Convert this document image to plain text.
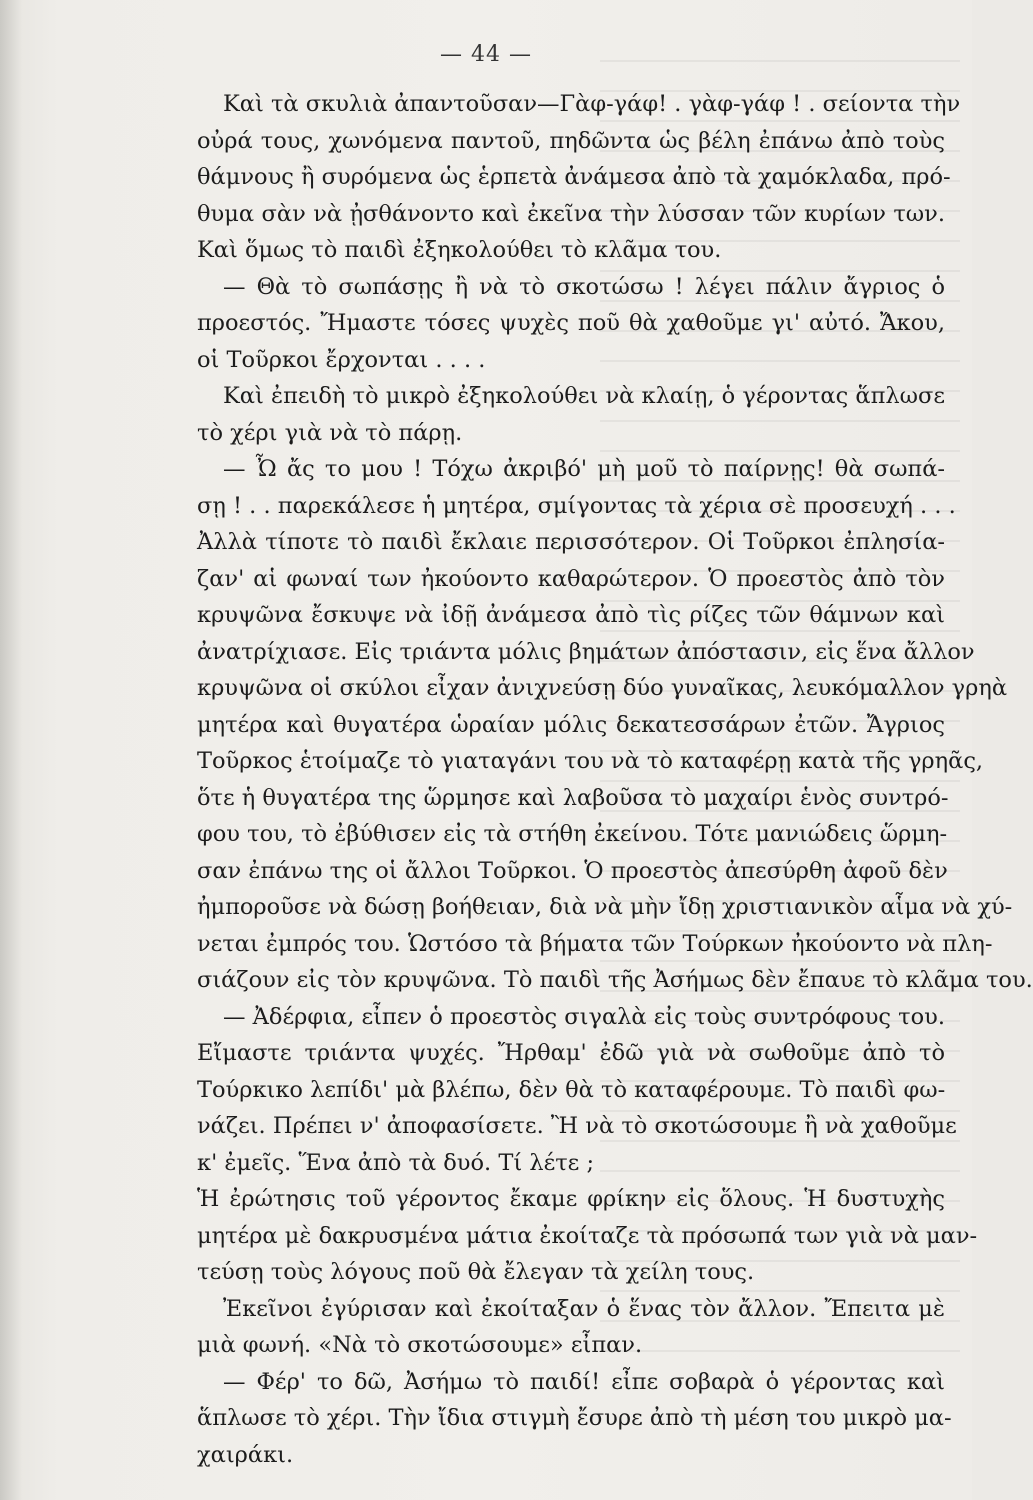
— 44 —
Καὶ τὰ σκυλιὰ ἀπαντοῦσαν—Γὰφ-γάφ! . γὰφ-γάφ ! . σείοντα τὴν
οὐρά τους, χωνόμενα παντοῦ, πηδῶντα ὡς βέλη ἐπάνω ἀπὸ τοὺς
θάμνους ἢ συρόμενα ὡς ἑρπετὰ ἀνάμεσα ἀπὸ τὰ χαμόκλαδα, πρό-
θυμα σὰν νὰ ᾐσθάνοντο καὶ ἐκεῖνα τὴν λύσσαν τῶν κυρίων των.
Καὶ ὅμως τὸ παιδὶ ἐξηκολούθει τὸ κλᾶμα του.
— Θὰ τὸ σωπάσῃς ἢ νὰ τὸ σκοτώσω ! λέγει πάλιν ἄγριος ὁ
προεστός. Ἤμαστε τόσες ψυχὲς ποῦ θὰ χαθοῦμε γι' αὐτό. Ἄκου,
οἱ Τοῦρκοι ἔρχονται . . . .
Καὶ ἐπειδὴ τὸ μικρὸ ἐξηκολούθει νὰ κλαίῃ, ὁ γέροντας ἅπλωσε
τὸ χέρι γιὰ νὰ τὸ πάρῃ.
— Ὦ ἄς το μου ! Τόχω ἀκριβό' μὴ μοῦ τὸ παίρνῃς! θὰ σωπά-
σῃ ! . . παρεκάλεσε ἡ μητέρα, σμίγοντας τὰ χέρια σὲ προσευχή . . .
Ἀλλὰ τίποτε τὸ παιδὶ ἔκλαιε περισσότερον. Οἱ Τοῦρκοι ἐπλησία-
ζαν' αἱ φωναί των ἠκούοντο καθαρώτερον. Ὁ προεστὸς ἀπὸ τὸν
κρυψῶνα ἔσκυψε νὰ ἰδῇ ἀνάμεσα ἀπὸ τὶς ρίζες τῶν θάμνων καὶ
ἀνατρίχιασε. Εἰς τριάντα μόλις βημάτων ἀπόστασιν, εἰς ἕνα ἄλλον
κρυψῶνα οἱ σκύλοι εἶχαν ἀνιχνεύσῃ δύο γυναῖκας, λευκόμαλλον γρηὰ
μητέρα καὶ θυγατέρα ὡραίαν μόλις δεκατεσσάρων ἐτῶν. Ἄγριος
Τοῦρκος ἑτοίμαζε τὸ γιαταγάνι του νὰ τὸ καταφέρῃ κατὰ τῆς γρηᾶς,
ὅτε ἡ θυγατέρα της ὥρμησε καὶ λαβοῦσα τὸ μαχαίρι ἑνὸς συντρό-
φου του, τὸ ἐβύθισεν εἰς τὰ στήθη ἐκείνου. Τότε μανιώδεις ὥρμη-
σαν ἐπάνω της οἱ ἄλλοι Τοῦρκοι. Ὁ προεστὸς ἀπεσύρθη ἀφοῦ δὲν
ἠμποροῦσε νὰ δώσῃ βοήθειαν, διὰ νὰ μὴν ἴδῃ χριστιανικὸν αἷμα νὰ χύ-
νεται ἐμπρός του. Ὡστόσο τὰ βήματα τῶν Τούρκων ἠκούοντο νὰ πλη-
σιάζουν εἰς τὸν κρυψῶνα. Τὸ παιδὶ τῆς Ἀσήμως δὲν ἔπαυε τὸ κλᾶμα του.
— Ἀδέρφια, εἶπεν ὁ προεστὸς σιγαλὰ εἰς τοὺς συντρόφους του.
Εἴμαστε τριάντα ψυχές. Ἤρθαμ' ἐδῶ γιὰ νὰ σωθοῦμε ἀπὸ τὸ
Τούρκικο λεπίδι' μὰ βλέπω, δὲν θὰ τὸ καταφέρουμε. Τὸ παιδὶ φω-
νάζει. Πρέπει ν' ἀποφασίσετε. Ἢ νὰ τὸ σκοτώσουμε ἢ νὰ χαθοῦμε
κ' ἐμεῖς. Ἕνα ἀπὸ τὰ δυό. Τί λέτε ;
Ἡ ἐρώτησις τοῦ γέροντος ἔκαμε φρίκην εἰς ὅλους. Ἡ δυστυχὴς
μητέρα μὲ δακρυσμένα μάτια ἐκοίταζε τὰ πρόσωπά των γιὰ νὰ μαν-
τεύσῃ τοὺς λόγους ποῦ θὰ ἔλεγαν τὰ χείλη τους.
Ἐκεῖνοι ἐγύρισαν καὶ ἐκοίταξαν ὁ ἕνας τὸν ἄλλον. Ἔπειτα μὲ
μιὰ φωνή. «Νὰ τὸ σκοτώσουμε» εἶπαν.
— Φέρ' το δῶ, Ἀσήμω τὸ παιδί! εἶπε σοβαρὰ ὁ γέροντας καὶ
ἅπλωσε τὸ χέρι. Τὴν ἴδια στιγμὴ ἔσυρε ἀπὸ τὴ μέση του μικρὸ μα-
χαιράκι.
